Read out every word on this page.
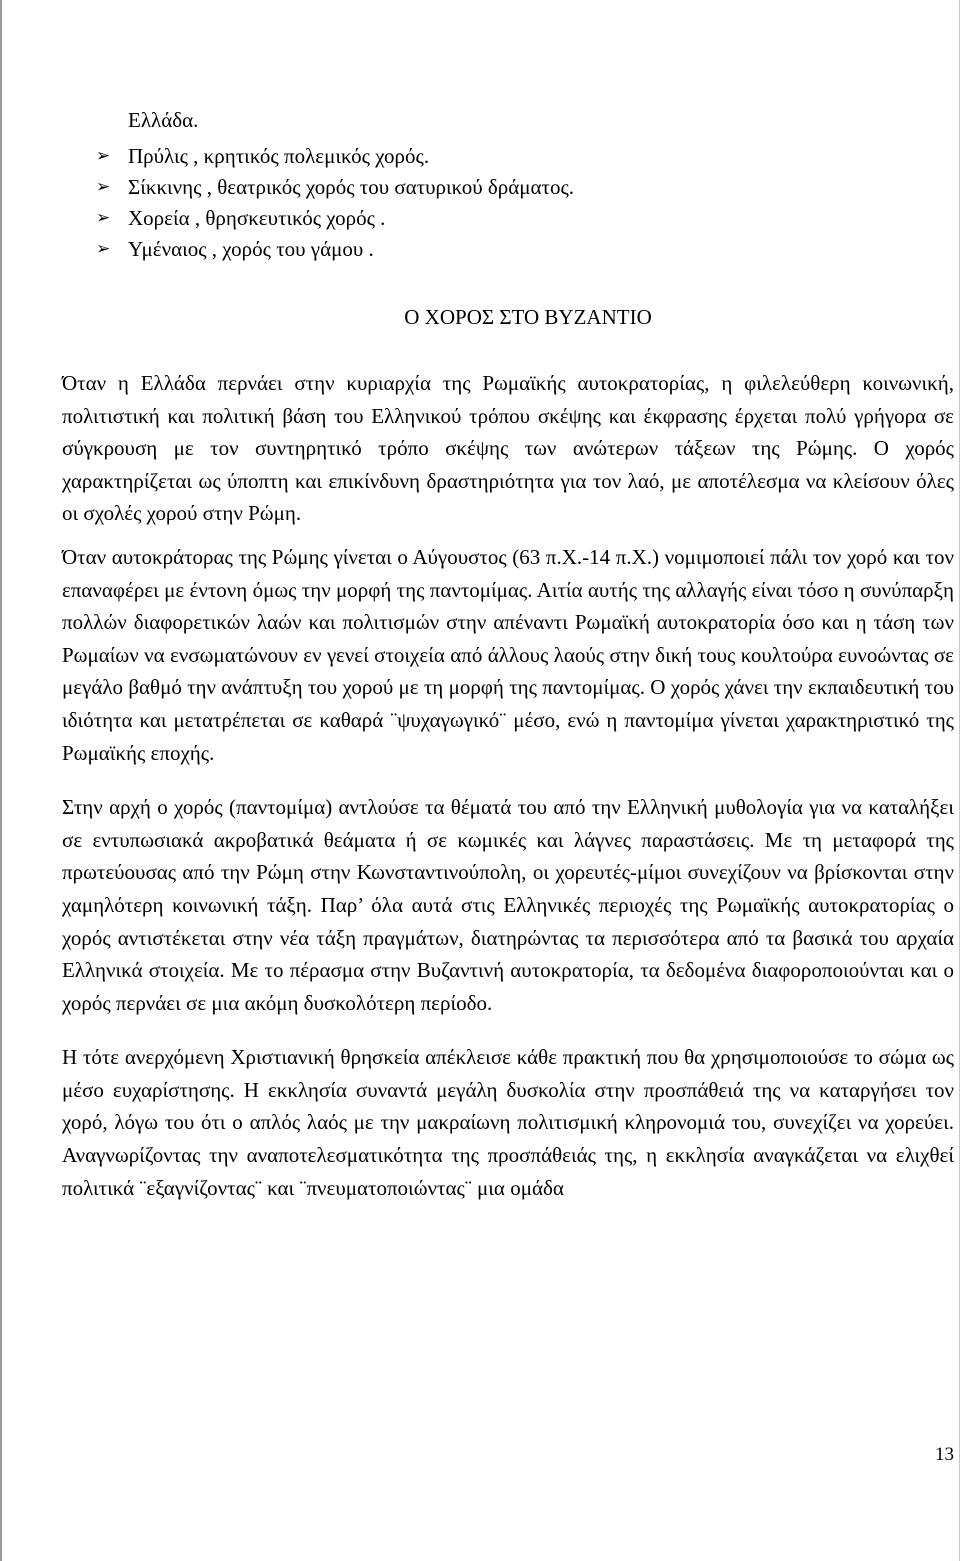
Ελλάδα.

➢ Πρύλις , κρητικός πολεμικός χορός.
➢ Σίκκινης , θεατρικός χορός του σατυρικού δράματος.
➢ Χορεία , θρησκευτικός χορός .
➢ Υμέναιος , χορός του γάμου .
Ο ΧΟΡΟΣ ΣΤΟ ΒΥΖΑΝΤΙΟ

Όταν η Ελλάδα περνάει στην κυριαρχία της Ρωμαϊκής αυτοκρατορίας, η φιλελεύθερη κοινωνική, πολιτιστική και πολιτική βάση του Ελληνικού τρόπου σκέψης και έκφρασης έρχεται πολύ γρήγορα σε σύγκρουση με τον συντηρητικό τρόπο σκέψης των ανώτερων τάξεων της Ρώμης. Ο χορός χαρακτηρίζεται ως ύποπτη και επικίνδυνη δραστηριότητα για τον λαό, με αποτέλεσμα να κλείσουν όλες οι σχολές χορού στην Ρώμη.

Όταν αυτοκράτορας της Ρώμης γίνεται ο Αύγουστος (63 π.Χ.-14 π.Χ.) νομιμοποιεί πάλι τον χορό και τον επαναφέρει με έντονη όμως την μορφή της παντομίμας. Αιτία αυτής της αλλαγής είναι τόσο η συνύπαρξη πολλών διαφορετικών λαών και πολιτισμών στην απέναντι Ρωμαϊκή αυτοκρατορία όσο και η τάση των Ρωμαίων να ενσωματώνουν εν γενεί στοιχεία από άλλους λαούς στην δική τους κουλτούρα ευνοώντας σε μεγάλο βαθμό την ανάπτυξη του χορού με τη μορφή της παντομίμας. Ο χορός χάνει την εκπαιδευτική του ιδιότητα και μετατρέπεται σε καθαρά ¨ψυχαγωγικό¨ μέσο, ενώ η παντομίμα γίνεται χαρακτηριστικό της Ρωμαϊκής εποχής.

Στην αρχή ο χορός (παντομίμα) αντλούσε τα θέματά του από την Ελληνική μυθολογία για να καταλήξει σε εντυπωσιακά ακροβατικά θεάματα ή σε κωμικές και λάγνες παραστάσεις. Με τη μεταφορά της πρωτεύουσας από την Ρώμη στην Κωνσταντινούπολη, οι χορευτές-μίμοι συνεχίζουν να βρίσκονται στην χαμηλότερη κοινωνική τάξη. Παρ’ όλα αυτά στις Ελληνικές περιοχές της Ρωμαϊκής αυτοκρατορίας ο χορός αντιστέκεται στην νέα τάξη πραγμάτων, διατηρώντας τα περισσότερα από τα βασικά του αρχαία Ελληνικά στοιχεία. Με το πέρασμα στην Βυζαντινή αυτοκρατορία, τα δεδομένα διαφοροποιούνται και ο χορός περνάει σε μια ακόμη δυσκολότερη περίοδο.

Η τότε ανερχόμενη Χριστιανική θρησκεία απέκλεισε κάθε πρακτική που θα χρησιμοποιούσε το σώμα ως μέσο ευχαρίστησης. Η εκκλησία συναντά μεγάλη δυσκολία στην προσπάθειά της να καταργήσει τον χορό, λόγω του ότι ο απλός λαός με την μακραίωνη πολιτισμική κληρονομιά του, συνεχίζει να χορεύει. Αναγνωρίζοντας την αναποτελεσματικότητα της προσπάθειάς της, η εκκλησία αναγκάζεται να ελιχθεί πολιτικά ¨εξαγνίζοντας¨ και ¨πνευματοποιώντας¨ μια ομάδα

13
